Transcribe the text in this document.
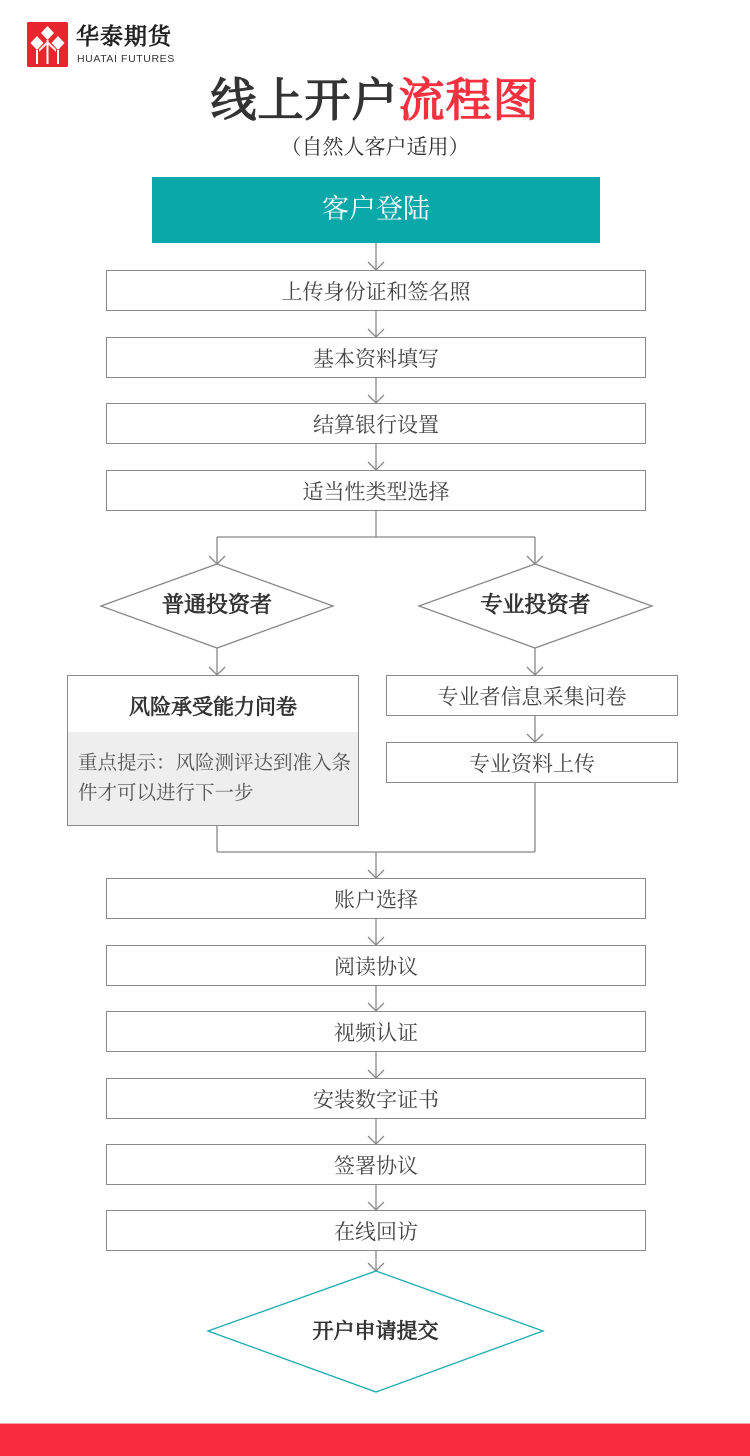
华泰期货
HUATAI FUTURES
线上开户流程图
（自然人客户适用）
客户登陆
上传身份证和签名照
基本资料填写
结算银行设置
适当性类型选择
普通投资者	专业投资者
风险承受能力问卷
重点提示：风险测评达到准入条件才可以进行下一步
专业者信息采集问卷
专业资料上传
账户选择
阅读协议
视频认证
安装数字证书
签署协议
在线回访
开户申请提交
